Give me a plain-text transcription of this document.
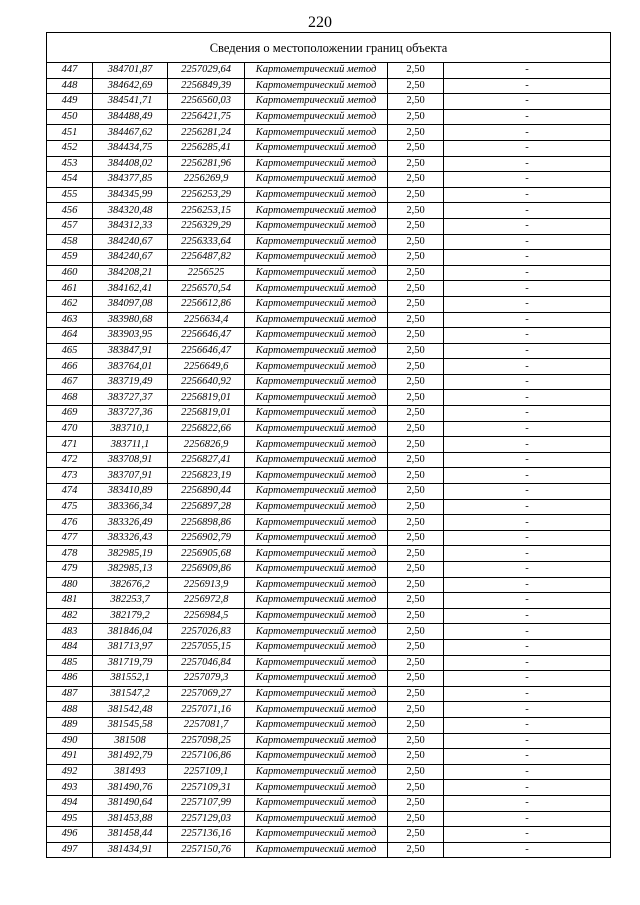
220
Сведения о местоположении границ объекта					
447	384701,87	2257029,64	Картометрический метод	2,50	-
448	384642,69	2256849,39	Картометрический метод	2,50	-
449	384541,71	2256560,03	Картометрический метод	2,50	-
450	384488,49	2256421,75	Картометрический метод	2,50	-
451	384467,62	2256281,24	Картометрический метод	2,50	-
452	384434,75	2256285,41	Картометрический метод	2,50	-
453	384408,02	2256281,96	Картометрический метод	2,50	-
454	384377,85	2256269,9	Картометрический метод	2,50	-
455	384345,99	2256253,29	Картометрический метод	2,50	-
456	384320,48	2256253,15	Картометрический метод	2,50	-
457	384312,33	2256329,29	Картометрический метод	2,50	-
458	384240,67	2256333,64	Картометрический метод	2,50	-
459	384240,67	2256487,82	Картометрический метод	2,50	-
460	384208,21	2256525	Картометрический метод	2,50	-
461	384162,41	2256570,54	Картометрический метод	2,50	-
462	384097,08	2256612,86	Картометрический метод	2,50	-
463	383980,68	2256634,4	Картометрический метод	2,50	-
464	383903,95	2256646,47	Картометрический метод	2,50	-
465	383847,91	2256646,47	Картометрический метод	2,50	-
466	383764,01	2256649,6	Картометрический метод	2,50	-
467	383719,49	2256640,92	Картометрический метод	2,50	-
468	383727,37	2256819,01	Картометрический метод	2,50	-
469	383727,36	2256819,01	Картометрический метод	2,50	-
470	383710,1	2256822,66	Картометрический метод	2,50	-
471	383711,1	2256826,9	Картометрический метод	2,50	-
472	383708,91	2256827,41	Картометрический метод	2,50	-
473	383707,91	2256823,19	Картометрический метод	2,50	-
474	383410,89	2256890,44	Картометрический метод	2,50	-
475	383366,34	2256897,28	Картометрический метод	2,50	-
476	383326,49	2256898,86	Картометрический метод	2,50	-
477	383326,43	2256902,79	Картометрический метод	2,50	-
478	382985,19	2256905,68	Картометрический метод	2,50	-
479	382985,13	2256909,86	Картометрический метод	2,50	-
480	382676,2	2256913,9	Картометрический метод	2,50	-
481	382253,7	2256972,8	Картометрический метод	2,50	-
482	382179,2	2256984,5	Картометрический метод	2,50	-
483	381846,04	2257026,83	Картометрический метод	2,50	-
484	381713,97	2257055,15	Картометрический метод	2,50	-
485	381719,79	2257046,84	Картометрический метод	2,50	-
486	381552,1	2257079,3	Картометрический метод	2,50	-
487	381547,2	2257069,27	Картометрический метод	2,50	-
488	381542,48	2257071,16	Картометрический метод	2,50	-
489	381545,58	2257081,7	Картометрический метод	2,50	-
490	381508	2257098,25	Картометрический метод	2,50	-
491	381492,79	2257106,86	Картометрический метод	2,50	-
492	381493	2257109,1	Картометрический метод	2,50	-
493	381490,76	2257109,31	Картометрический метод	2,50	-
494	381490,64	2257107,99	Картометрический метод	2,50	-
495	381453,88	2257129,03	Картометрический метод	2,50	-
496	381458,44	2257136,16	Картометрический метод	2,50	-
497	381434,91	2257150,76	Картометрический метод	2,50	-
